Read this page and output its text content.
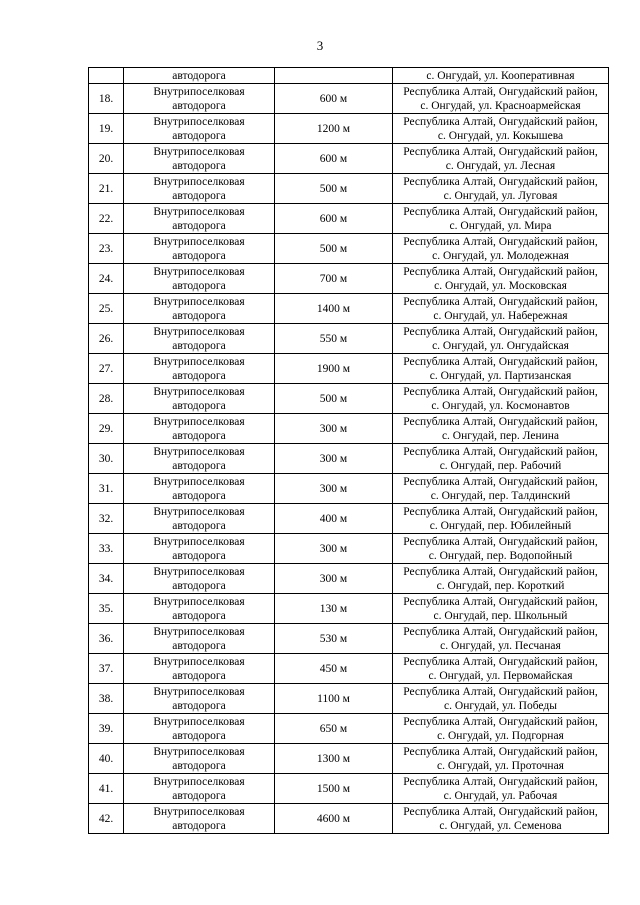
3

	автодорога		с. Онгудай, ул. Кооперативная

18.	Внутрипоселковая
автодорога	600 м	Республика Алтай, Онгудайский район,
с. Онгудай, ул. Красноармейская

19.	Внутрипоселковая
автодорога	1200 м	Республика Алтай, Онгудайский район,
с. Онгудай, ул. Кокышева

20.	Внутрипоселковая
автодорога	600 м	Республика Алтай, Онгудайский район,
с. Онгудай, ул. Лесная

21.	Внутрипоселковая
автодорога	500 м	Республика Алтай, Онгудайский район,
с. Онгудай, ул. Луговая

22.	Внутрипоселковая
автодорога	600 м	Республика Алтай, Онгудайский район,
с. Онгудай, ул. Мира

23.	Внутрипоселковая
автодорога	500 м	Республика Алтай, Онгудайский район,
с. Онгудай, ул. Молодежная

24.	Внутрипоселковая
автодорога	700 м	Республика Алтай, Онгудайский район,
с. Онгудай, ул. Московская

25.	Внутрипоселковая
автодорога	1400 м	Республика Алтай, Онгудайский район,
с. Онгудай, ул. Набережная

26.	Внутрипоселковая
автодорога	550 м	Республика Алтай, Онгудайский район,
с. Онгудай, ул. Онгудайская

27.	Внутрипоселковая
автодорога	1900 м	Республика Алтай, Онгудайский район,
с. Онгудай, ул. Партизанская

28.	Внутрипоселковая
автодорога	500 м	Республика Алтай, Онгудайский район,
с. Онгудай, ул. Космонавтов

29.	Внутрипоселковая
автодорога	300 м	Республика Алтай, Онгудайский район,
с. Онгудай, пер. Ленина

30.	Внутрипоселковая
автодорога	300 м	Республика Алтай, Онгудайский район,
с. Онгудай, пер. Рабочий

31.	Внутрипоселковая
автодорога	300 м	Республика Алтай, Онгудайский район,
с. Онгудай, пер. Талдинский

32.	Внутрипоселковая
автодорога	400 м	Республика Алтай, Онгудайский район,
с. Онгудай, пер. Юбилейный

33.	Внутрипоселковая
автодорога	300 м	Республика Алтай, Онгудайский район,
с. Онгудай, пер. Водопойный

34.	Внутрипоселковая
автодорога	300 м	Республика Алтай, Онгудайский район,
с. Онгудай, пер. Короткий

35.	Внутрипоселковая
автодорога	130 м	Республика Алтай, Онгудайский район,
с. Онгудай, пер. Школьный

36.	Внутрипоселковая
автодорога	530 м	Республика Алтай, Онгудайский район,
с. Онгудай, ул. Песчаная

37.	Внутрипоселковая
автодорога	450 м	Республика Алтай, Онгудайский район,
с. Онгудай, ул. Первомайская

38.	Внутрипоселковая
автодорога	1100 м	Республика Алтай, Онгудайский район,
с. Онгудай, ул. Победы

39.	Внутрипоселковая
автодорога	650 м	Республика Алтай, Онгудайский район,
с. Онгудай, ул. Подгорная

40.	Внутрипоселковая
автодорога	1300 м	Республика Алтай, Онгудайский район,
с. Онгудай, ул. Проточная

41.	Внутрипоселковая
автодорога	1500 м	Республика Алтай, Онгудайский район,
с. Онгудай, ул. Рабочая

42.	Внутрипоселковая
автодорога	4600 м	Республика Алтай, Онгудайский район,
с. Онгудай, ул. Семенова
